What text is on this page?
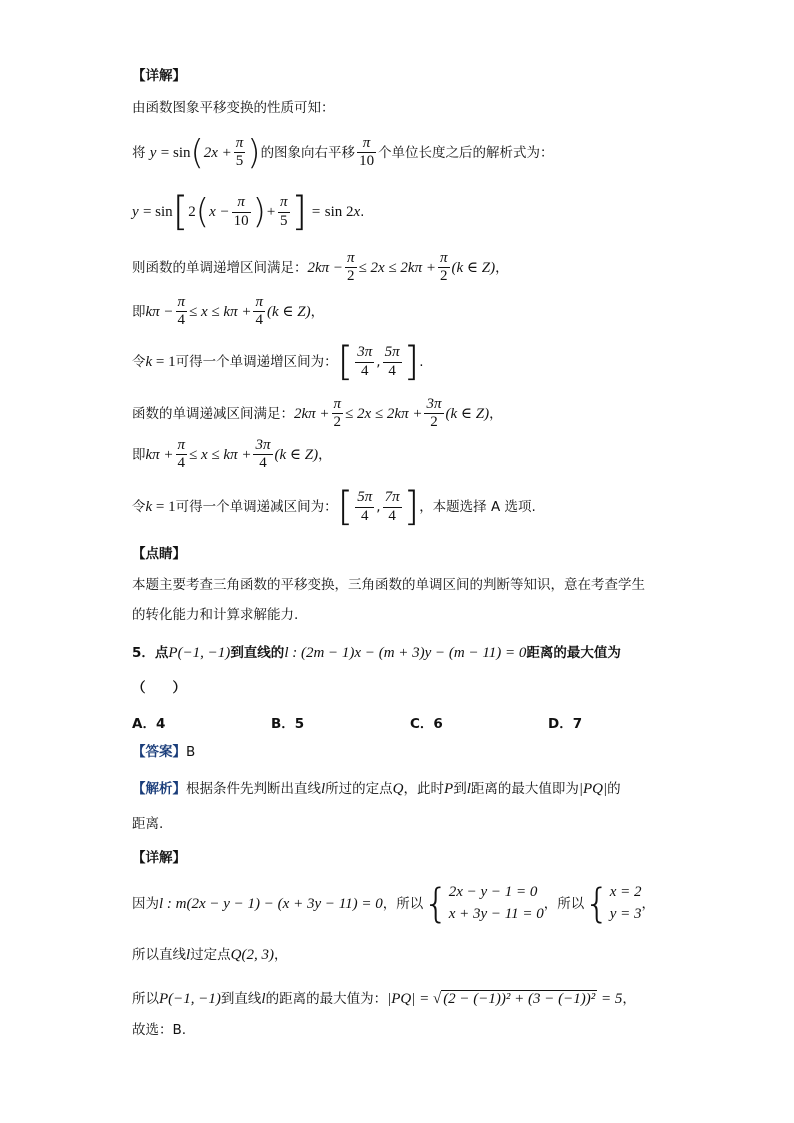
【详解】
由函数图象平移变换的性质可知：
将 $y = \sin(2x + \frac{\pi}{5}$ )的图象向右平移 $\frac{\pi}{10}$ 个单位长度之后的解析式为：
$y = \sin[2(x - \frac{\pi}{10}$ )+ $\frac{\pi}{5}$ ] = sin 2x.
则函数的单调递增区间满足：$2k\pi - \frac{\pi}{2} \le 2x \le 2k\pi + \frac{\pi}{2} (k$ ∈ Z)，
即$k\pi - \frac{\pi}{4} \le x \le k\pi + \frac{\pi}{4} (k$ ∈ Z)，
令k = 1可得一个单调递增区间为：[ $\frac{3\pi}{4}$ , $\frac{5\pi}{4}$ ].
函数的单调递减区间满足：$2k\pi + \frac{\pi}{2} \le 2x \le 2k\pi + \frac{3\pi}{2} (k$ ∈ Z)，
即$k\pi + \frac{\pi}{4} \le x \le k\pi + \frac{3\pi}{4} (k$ ∈ Z)，
令k = 1可得一个单调递减区间为：[ $\frac{5\pi}{4}$ , $\frac{7\pi}{4}$ ]，本题选择 A 选项.
【点睛】
本题主要考查三角函数的平移变换，三角函数的单调区间的判断等知识，意在考查学生
的转化能力和计算求解能力.
5．点P(−1, −1)到直线的l : (2m − 1)x − (m + 3)y − (m − 11) = 0距离的最大值为
（　　）
A．4	B．5	C．6	D．7
【答案】B
【解析】根据条件先判断出直线l所过的定点Q，此时P到l距离的最大值即为|PQ|的
距离.
【详解】
因为l : m(2x − y − 1) − (x + 3y − 11) = 0，所以{ 2x − y − 1 = 0
x + 3y − 11 = 0
，所以{ x = 2
y = 3
，
所以直线l过定点Q(2, 3)，
所以P(−1, −1)到直线l的距离的最大值为：|PQ| = √ (2 − (−1))² + (3 − (−1))² = 5，
故选：B.
